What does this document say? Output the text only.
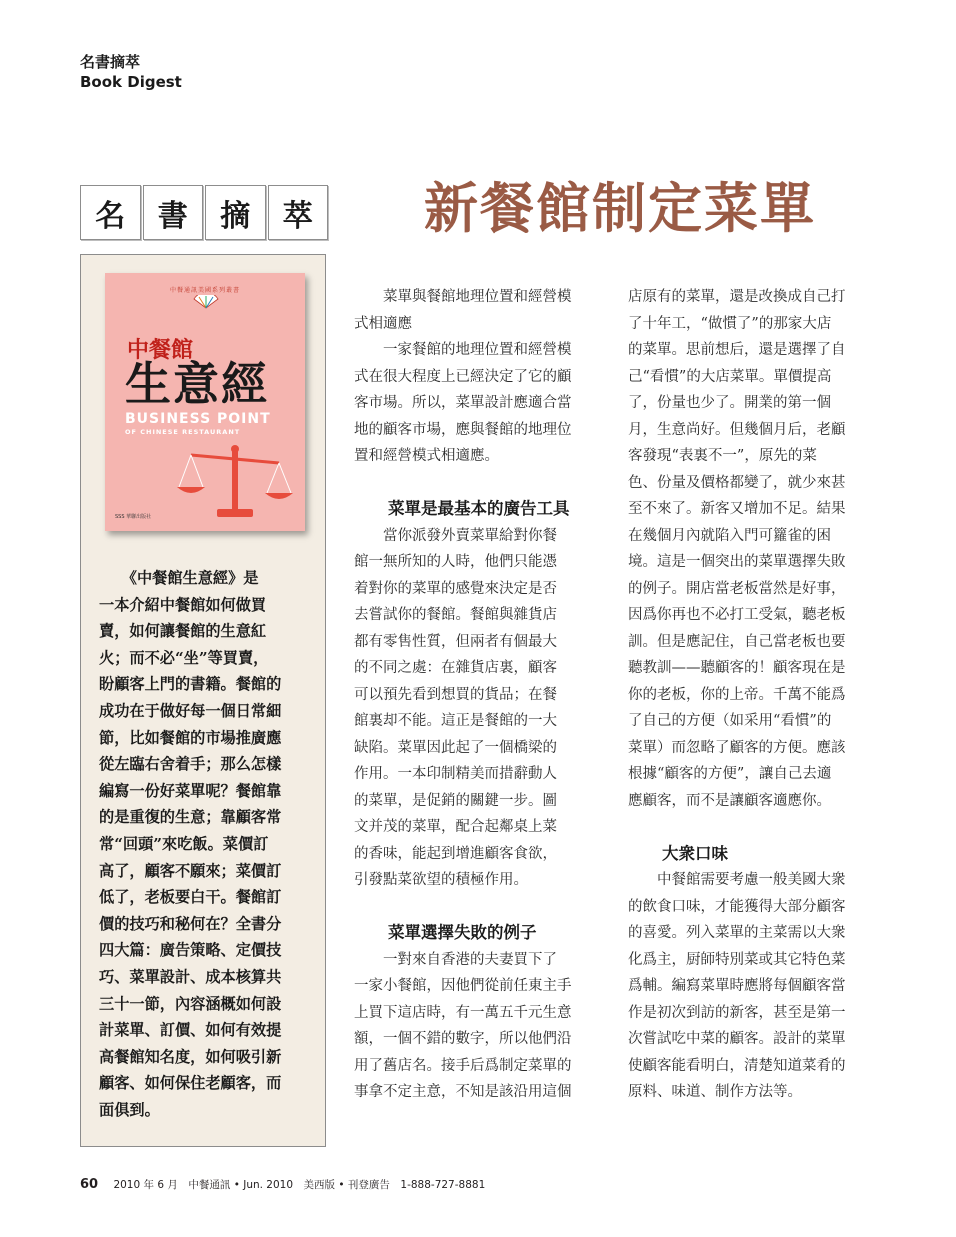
名書摘萃
Book Digest
名	書	摘	萃	新餐館制定菜單
中餐通訊美國系列叢書
中餐館
生意經
BUSINESS POINT
OF CHINESE RESTAURANT
SSS 華聯出版社
　　《中餐館生意經》是
一本介紹中餐館如何做買
賣，如何讓餐館的生意紅
火；而不必“坐”等買賣，
盼顧客上門的書籍。餐館的
成功在于做好每一個日常細
節，比如餐館的市場推廣應
從左臨右舍着手；那么怎樣
編寫一份好菜單呢？餐館靠
的是重復的生意；靠顧客常
常“回頭”來吃飯。菜價訂
高了，顧客不願來；菜價訂
低了，老板要白干。餐館訂
價的技巧和秘何在？全書分
四大篇：廣告策略、定價技
巧、菜單設計、成本核算共
三十一節，內容涵概如何設
計菜單、訂價、如何有效提
高餐館知名度，如何吸引新
顧客、如何保住老顧客，而
面俱到。
　　菜單與餐館地理位置和經營模
式相適應
　　一家餐館的地理位置和經營模
式在很大程度上已經決定了它的顧
客市場。所以，菜單設計應適合當
地的顧客市場，應與餐館的地理位
置和經營模式相適應。
菜單是最基本的廣告工具
　　當你派發外賣菜單給對你餐
館一無所知的人時，他們只能憑
着對你的菜單的感覺來決定是否
去嘗試你的餐館。餐館與雜貨店
都有零售性質，但兩者有個最大
的不同之處：在雜貨店裏，顧客
可以預先看到想買的貨品；在餐
館裏却不能。這正是餐館的一大
缺陷。菜單因此起了一個橋梁的
作用。一本印制精美而措辭動人
的菜單，是促銷的關鍵一步。圖
文并茂的菜單，配合起鄰桌上菜
的香味，能起到增進顧客食欲，
引發點菜欲望的積極作用。
菜單選擇失敗的例子
　　一對來自香港的夫妻買下了
一家小餐館，因他們從前任東主手
上買下這店時，有一萬五千元生意
額，一個不錯的數字，所以他們沿
用了舊店名。接手后爲制定菜單的
事拿不定主意，不知是該沿用這個
店原有的菜單，還是改換成自己打
了十年工，“做慣了”的那家大店
的菜單。思前想后，還是選擇了自
己“看慣”的大店菜單。單價提高
了，份量也少了。開業的第一個
月，生意尚好。但幾個月后，老顧
客發現“表裏不一”，原先的菜
色、份量及價格都變了，就少來甚
至不來了。新客又增加不足。結果
在幾個月內就陷入門可籮雀的困
境。這是一個突出的菜單選擇失敗
的例子。開店當老板當然是好事，
因爲你再也不必打工受氣，聽老板
訓。但是應記住，自己當老板也要
聽教訓——聽顧客的！顧客現在是
你的老板，你的上帝。千萬不能爲
了自己的方便（如采用“看慣”的
菜單）而忽略了顧客的方便。應該
根據“顧客的方便”，讓自己去適
應顧客，而不是讓顧客適應你。
大衆口味
　　中餐館需要考慮一般美國大衆
的飲食口味，才能獲得大部分顧客
的喜愛。列入菜單的主菜需以大衆
化爲主，厨師特別菜或其它特色菜
爲輔。編寫菜單時應將每個顧客當
作是初次到訪的新客，甚至是第一
次嘗試吃中菜的顧客。設計的菜單
使顧客能看明白，清楚知道菜肴的
原料、味道、制作方法等。
60 2010 年 6 月　中餐通訊 • Jun. 2010　美西版 • 刊登廣告　1-888-727-8881
